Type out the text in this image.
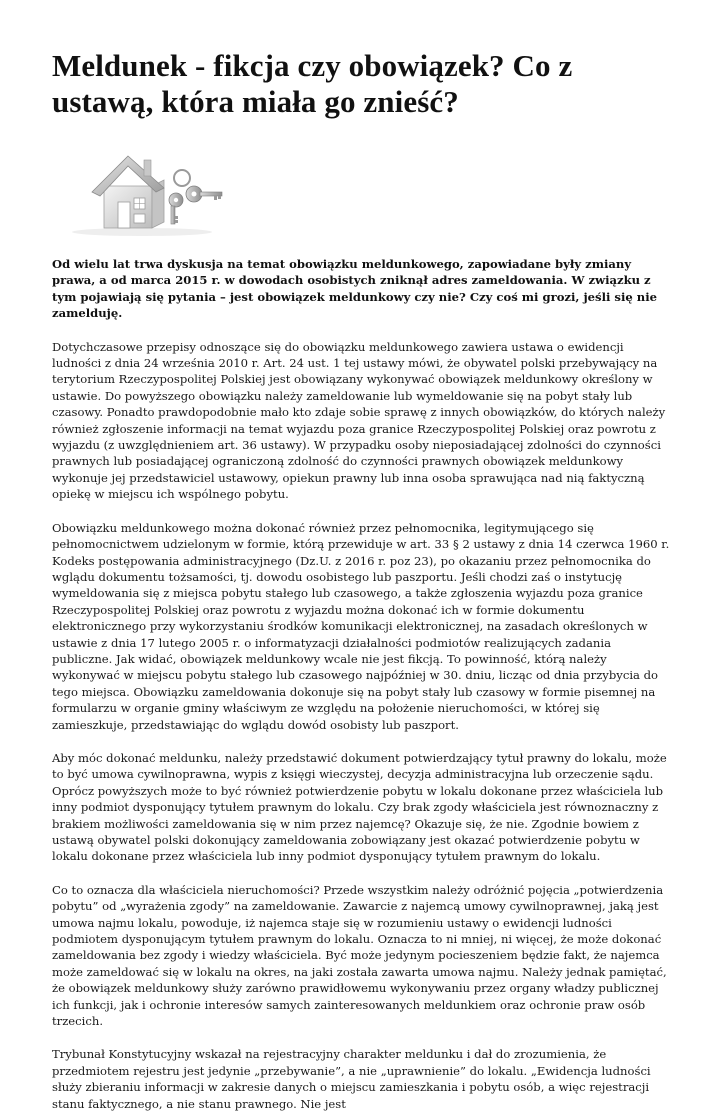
Meldunek - fikcja czy obowiązek? Co z ustawą, która miała go znieść?

Od wielu lat trwa dyskusja na temat obowiązku meldunkowego, zapowiadane były zmiany prawa, a od marca 2015 r. w dowodach osobistych zniknął adres zameldowania. W związku z tym pojawiają się pytania – jest obowiązek meldunkowy czy nie? Czy coś mi grozi, jeśli się nie zamelduję.

Dotychczasowe przepisy odnoszące się do obowiązku meldunkowego zawiera ustawa o ewidencji ludności z dnia 24 września 2010 r. Art. 24 ust. 1 tej ustawy mówi, że obywatel polski przebywający na terytorium Rzeczypospolitej Polskiej jest obowiązany wykonywać obowiązek meldunkowy określony w ustawie. Do powyższego obowiązku należy zameldowanie lub wymeldowanie się na pobyt stały lub czasowy. Ponadto prawdopodobnie mało kto zdaje sobie sprawę z innych obowiązków, do których należy również zgłoszenie informacji na temat wyjazdu poza granice Rzeczypospolitej Polskiej oraz powrotu z wyjazdu (z uwzględnieniem art. 36 ustawy). W przypadku osoby nieposiadającej zdolności do czynności prawnych lub posiadającej ograniczoną zdolność do czynności prawnych obowiązek meldunkowy wykonuje jej przedstawiciel ustawowy, opiekun prawny lub inna osoba sprawująca nad nią faktyczną opiekę w miejscu ich wspólnego pobytu.

Obowiązku meldunkowego można dokonać również przez pełnomocnika, legitymującego się pełnomocnictwem udzielonym w formie, którą przewiduje w art. 33 § 2 ustawy z dnia 14 czerwca 1960 r. Kodeks postępowania administracyjnego (Dz.U. z 2016 r. poz 23), po okazaniu przez pełnomocnika do wglądu dokumentu tożsamości, tj. dowodu osobistego lub paszportu. Jeśli chodzi zaś o instytucję wymeldowania się z miejsca pobytu stałego lub czasowego, a także zgłoszenia wyjazdu poza granice Rzeczypospolitej Polskiej oraz powrotu z wyjazdu można dokonać ich w formie dokumentu elektronicznego przy wykorzystaniu środków komunikacji elektronicznej, na zasadach określonych w ustawie z dnia 17 lutego 2005 r. o informatyzacji działalności podmiotów realizujących zadania publiczne. Jak widać, obowiązek meldunkowy wcale nie jest fikcją. To powinność, którą należy wykonywać w miejscu pobytu stałego lub czasowego najpóźniej w 30. dniu, licząc od dnia przybycia do tego miejsca. Obowiązku zameldowania dokonuje się na pobyt stały lub czasowy w formie pisemnej na formularzu w organie gminy właściwym ze względu na położenie nieruchomości, w której się zamieszkuje, przedstawiając do wglądu dowód osobisty lub paszport.

Aby móc dokonać meldunku, należy przedstawić dokument potwierdzający tytuł prawny do lokalu, może to być umowa cywilnoprawna, wypis z księgi wieczystej, decyzja administracyjna lub orzeczenie sądu. Oprócz powyższych może to być również potwierdzenie pobytu w lokalu dokonane przez właściciela lub inny podmiot dysponujący tytułem prawnym do lokalu. Czy brak zgody właściciela jest równoznaczny z brakiem możliwości zameldowania się w nim przez najemcę? Okazuje się, że nie. Zgodnie bowiem z ustawą obywatel polski dokonujący zameldowania zobowiązany jest okazać potwierdzenie pobytu w lokalu dokonane przez właściciela lub inny podmiot dysponujący tytułem prawnym do lokalu.

Co to oznacza dla właściciela nieruchomości? Przede wszystkim należy odróżnić pojęcia „potwierdzenia pobytu” od „wyrażenia zgody” na zameldowanie. Zawarcie z najemcą umowy cywilnoprawnej, jaką jest umowa najmu lokalu, powoduje, iż najemca staje się w rozumieniu ustawy o ewidencji ludności podmiotem dysponującym tytułem prawnym do lokalu. Oznacza to ni mniej, ni więcej, że może dokonać zameldowania bez zgody i wiedzy właściciela. Być może jedynym pocieszeniem będzie fakt, że najemca może zameldować się w lokalu na okres, na jaki została zawarta umowa najmu. Należy jednak pamiętać, że obowiązek meldunkowy służy zarówno prawidłowemu wykonywaniu przez organy władzy publicznej ich funkcji, jak i ochronie interesów samych zainteresowanych meldunkiem oraz ochronie praw osób trzecich.

Trybunał Konstytucyjny wskazał na rejestracyjny charakter meldunku i dał do zrozumienia, że przedmiotem rejestru jest jedynie „przebywanie”, a nie „uprawnienie” do lokalu. „Ewidencja ludności służy zbieraniu informacji w zakresie danych o miejscu zamieszkania i pobytu osób, a więc rejestracji stanu faktycznego, a nie stanu prawnego. Nie jest
